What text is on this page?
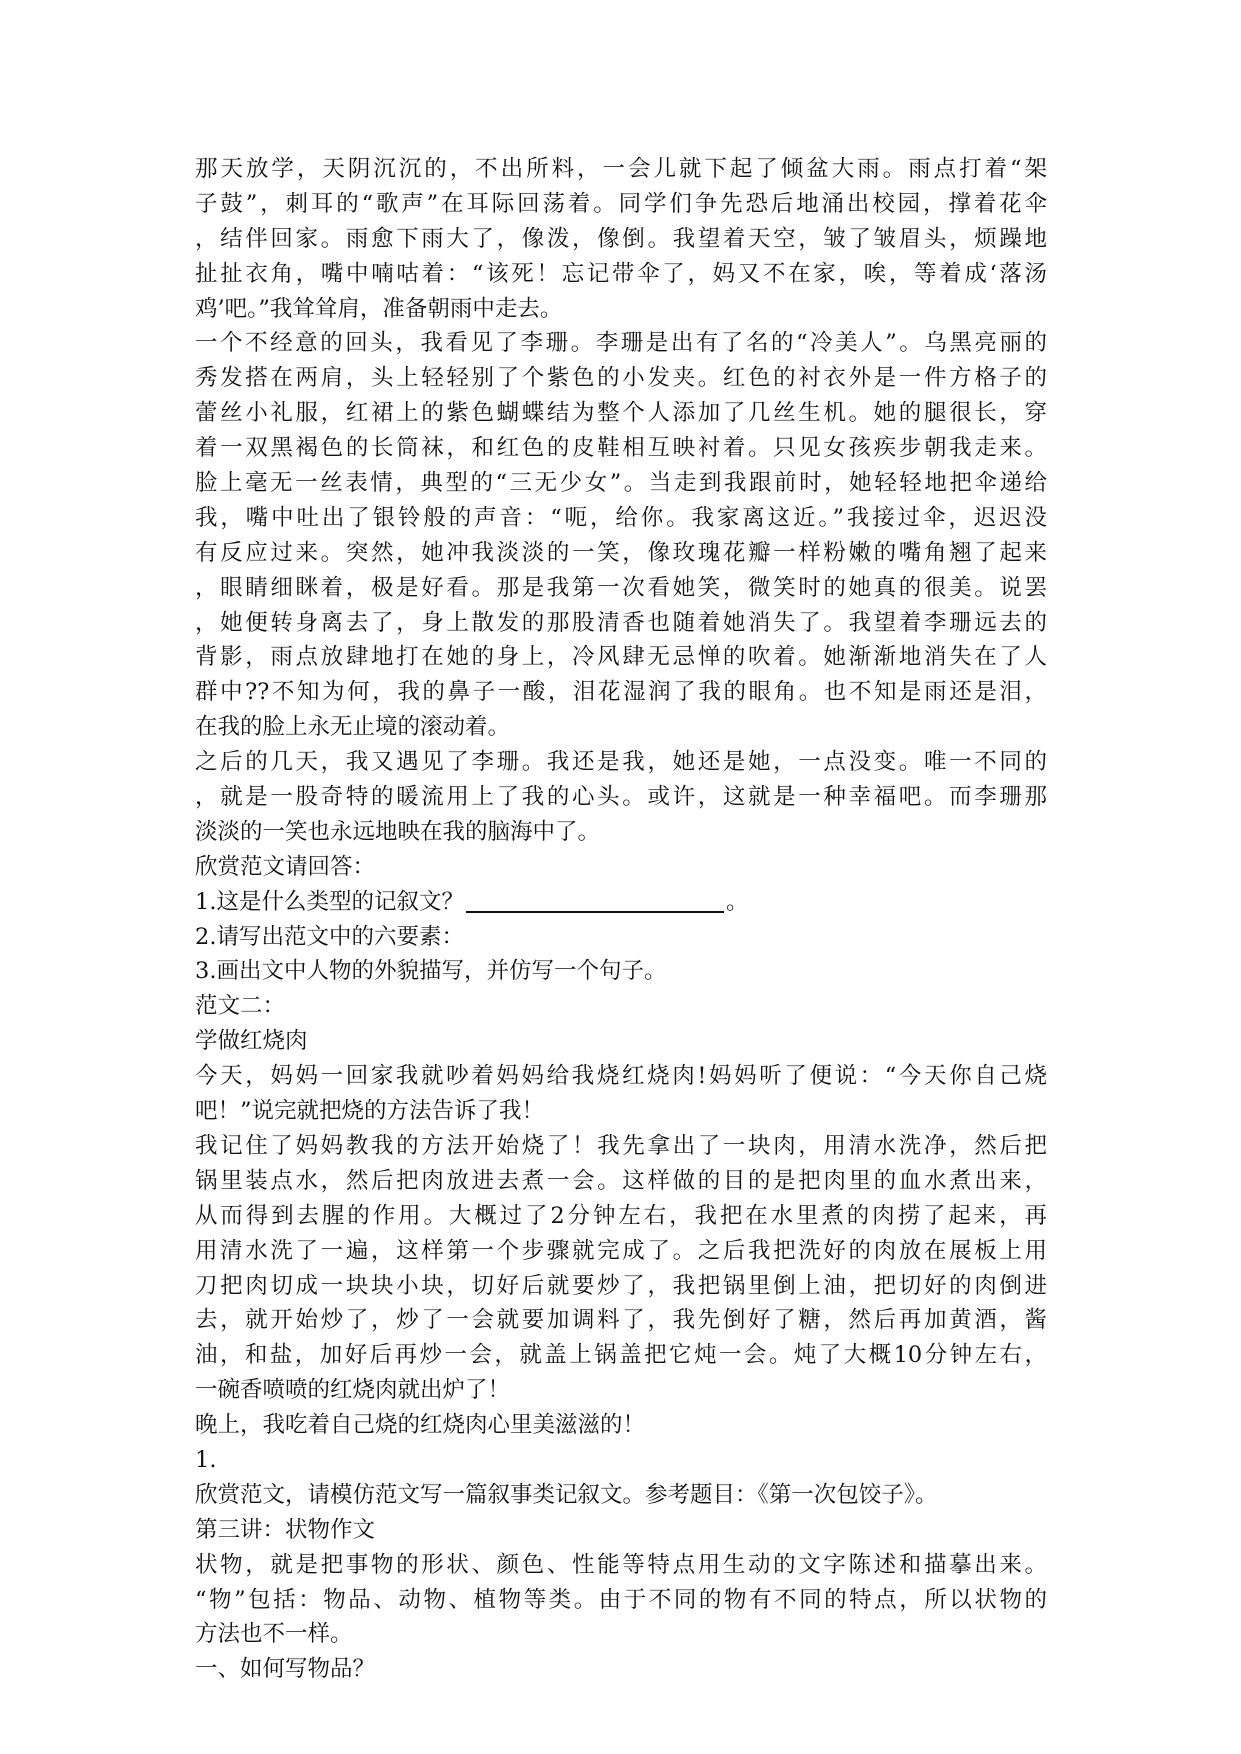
那天放学，天阴沉沉的，不出所料，一会儿就下起了倾盆大雨。雨点打着“架
子鼓”，刺耳的“歌声”在耳际回荡着。同学们争先恐后地涌出校园，撑着花伞
，结伴回家。雨愈下雨大了，像泼，像倒。我望着天空，皱了皱眉头，烦躁地
扯扯衣角，嘴中喃咕着：“该死！忘记带伞了，妈又不在家，唉，等着成‘落汤
鸡’吧。”我耸耸肩，准备朝雨中走去。
一个不经意的回头，我看见了李珊。李珊是出有了名的“冷美人”。乌黑亮丽的
秀发搭在两肩，头上轻轻别了个紫色的小发夹。红色的衬衣外是一件方格子的
蕾丝小礼服，红裙上的紫色蝴蝶结为整个人添加了几丝生机。她的腿很长，穿
着一双黑褐色的长筒袜，和红色的皮鞋相互映衬着。只见女孩疾步朝我走来。
脸上毫无一丝表情，典型的“三无少女”。当走到我跟前时，她轻轻地把伞递给
我，嘴中吐出了银铃般的声音：“呃，给你。我家离这近。”我接过伞，迟迟没
有反应过来。突然，她冲我淡淡的一笑，像玫瑰花瓣一样粉嫩的嘴角翘了起来
，眼睛细眯着，极是好看。那是我第一次看她笑，微笑时的她真的很美。说罢
，她便转身离去了，身上散发的那股清香也随着她消失了。我望着李珊远去的
背影，雨点放肆地打在她的身上，冷风肆无忌惮的吹着。她渐渐地消失在了人
群中??不知为何，我的鼻子一酸，泪花湿润了我的眼角。也不知是雨还是泪，
在我的脸上永无止境的滚动着。
之后的几天，我又遇见了李珊。我还是我，她还是她，一点没变。唯一不同的
，就是一股奇特的暖流用上了我的心头。或许，这就是一种幸福吧。而李珊那
淡淡的一笑也永远地映在我的脑海中了。
欣赏范文请回答：
1.这是什么类型的记叙文？	。
2.请写出范文中的六要素：
3.画出文中人物的外貌描写，并仿写一个句子。
范文二：
学做红烧肉
今天，妈妈一回家我就吵着妈妈给我烧红烧肉!妈妈听了便说：“今天你自己烧
吧！”说完就把烧的方法告诉了我！
我记住了妈妈教我的方法开始烧了！我先拿出了一块肉，用清水洗净，然后把
锅里装点水，然后把肉放进去煮一会。这样做的目的是把肉里的血水煮出来，
从而得到去腥的作用。大概过了2分钟左右，我把在水里煮的肉捞了起来，再
用清水洗了一遍，这样第一个步骤就完成了。之后我把洗好的肉放在展板上用
刀把肉切成一块块小块，切好后就要炒了，我把锅里倒上油，把切好的肉倒进
去，就开始炒了，炒了一会就要加调料了，我先倒好了糖，然后再加黄酒，酱
油，和盐，加好后再炒一会，就盖上锅盖把它炖一会。炖了大概10分钟左右，
一碗香喷喷的红烧肉就出炉了！
晚上，我吃着自己烧的红烧肉心里美滋滋的！
1.
欣赏范文，请模仿范文写一篇叙事类记叙文。参考题目：《第一次包饺子》。
第三讲：状物作文
状物，就是把事物的形状、颜色、性能等特点用生动的文字陈述和描摹出来。
“物”包括：物品、动物、植物等类。由于不同的物有不同的特点，所以状物的
方法也不一样。
一、如何写物品？
